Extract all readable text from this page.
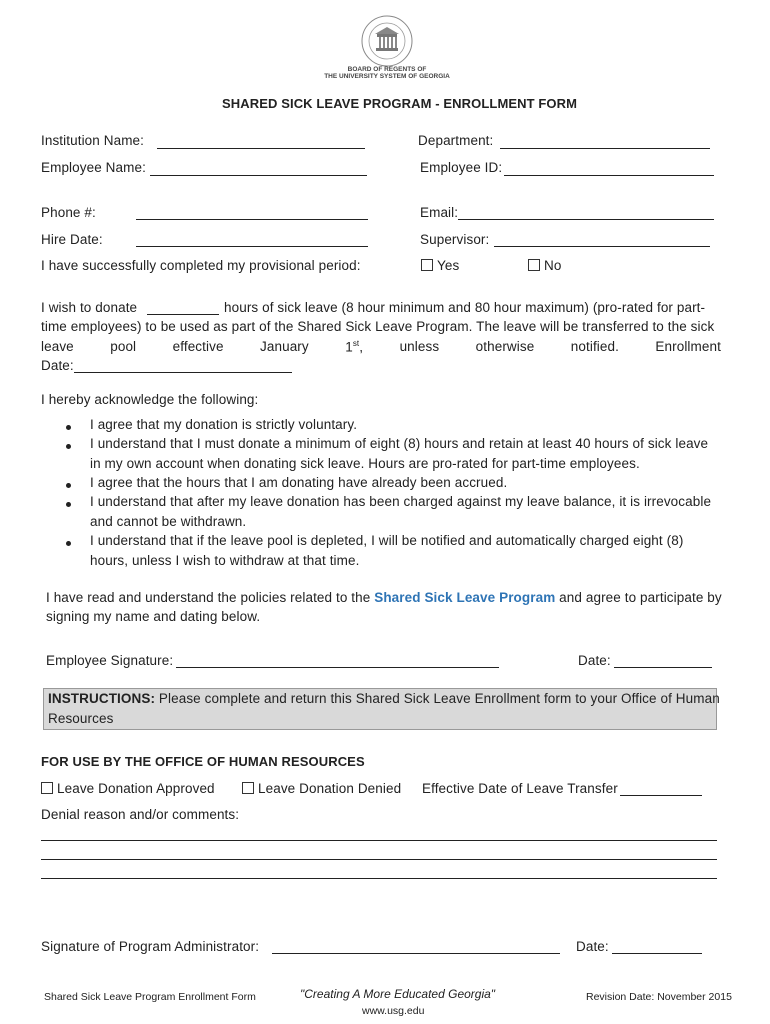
BOARD OF REGENTS OF
THE UNIVERSITY SYSTEM OF GEORGIA
SHARED SICK LEAVE PROGRAM - ENROLLMENT FORM
Institution Name:	Department:
Employee Name:	Employee ID:
Phone #:	Email:
Hire Date:	Supervisor:
I have successfully completed my provisional period:	Yes	No
I wish to donate	hours of sick leave (8 hour minimum and 80 hour maximum) (pro-rated for part-
time employees) to be used as part of the Shared Sick Leave Program. The leave will be transferred to the sick
leave	pool	effective	January	1st,	unless	otherwise	notified.	Enrollment
Date:
I hereby acknowledge the following:
I agree that my donation is strictly voluntary.
I understand that I must donate a minimum of eight (8) hours and retain at least 40 hours of sick leave
in my own account when donating sick leave. Hours are pro-rated for part-time employees.
I agree that the hours that I am donating have already been accrued.
I understand that after my leave donation has been charged against my leave balance, it is irrevocable
and cannot be withdrawn.
I understand that if the leave pool is depleted, I will be notified and automatically charged eight (8)
hours, unless I wish to withdraw at that time.
I have read and understand the policies related to the Shared Sick Leave Program and agree to participate by
signing my name and dating below.
Employee Signature:	Date:
INSTRUCTIONS: Please complete and return this Shared Sick Leave Enrollment form to your Office of Human
Resources
FOR USE BY THE OFFICE OF HUMAN RESOURCES
Leave Donation Approved	Leave Donation Denied Effective Date of Leave Transfer
Denial reason and/or comments:
Signature of Program Administrator:	Date:
Shared Sick Leave Program Enrollment Form	"Creating A More Educated Georgia"
www.usg.edu
Revision Date: November 2015
